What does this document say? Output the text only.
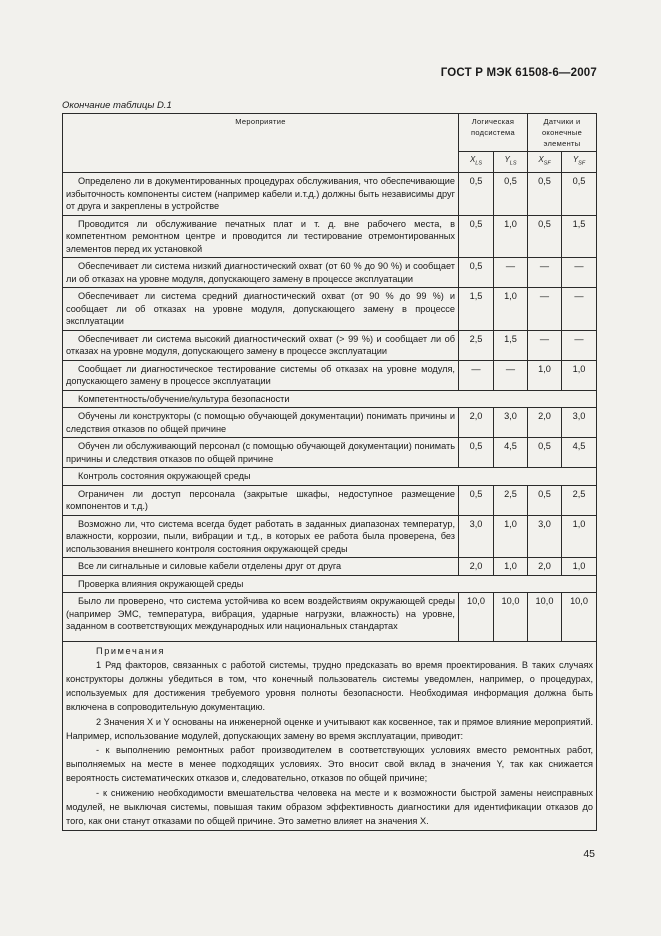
ГОСТ Р МЭК 61508-6—2007
Окончание таблицы D.1
Мероприятие	Логическая подсистема		Датчики и оконечные элементы	
	$X_{LS}$	$Y_{LS}$	$X_{SF}$	$Y_{SF}$
Определено ли в документированных процедурах обслуживания, что обеспечивающие избыточность компоненты систем (например кабели и.т.д.) должны быть независимы друг от друга и закреплены в устройстве	0,5	0,5	0,5	0,5
Проводится ли обслуживание печатных плат и т. д. вне рабочего места, в компетентном ремонтном центре и проводится ли тестирование отремонтированных элементов перед их установкой	0,5	1,0	0,5	1,5
Обеспечивает ли система низкий диагностический охват (от 60 % до 90 %) и сообщает ли об отказах на уровне модуля, допускающего замену в процессе эксплуатации	0,5	—	—	—
Обеспечивает ли система средний диагностический охват (от 90 % до 99 %) и сообщает ли об отказах на уровне модуля, допускающего замену в процессе эксплуатации	1,5	1,0	—	—
Обеспечивает ли система высокий диагностический охват (> 99 %) и сообщает ли об отказах на уровне модуля, допускающего замену в процессе эксплуатации	2,5	1,5	—	—
Сообщает ли диагностическое тестирование системы об отказах на уровне модуля, допускающего замену в процессе эксплуатации	—	—	1,0	1,0
Компетентность/обучение/культура безопасности				
Обучены ли конструкторы (с помощью обучающей документации) понимать причины и следствия отказов по общей причине	2,0	3,0	2,0	3,0
Обучен ли обслуживающий персонал (с помощью обучающей документации) понимать причины и следствия отказов по общей причине	0,5	4,5	0,5	4,5
Контроль состояния окружающей среды				
Ограничен ли доступ персонала (закрытые шкафы, недоступное размещение компонентов и т.д.)	0,5	2,5	0,5	2,5
Возможно ли, что система всегда будет работать в заданных диапазонах температур, влажности, коррозии, пыли, вибрации и т.д., в которых ее работа была проверена, без использования внешнего контроля состояния окружающей среды	3,0	1,0	3,0	1,0
Все ли сигнальные и силовые кабели отделены друг от друга	2,0	1,0	2,0	1,0
Проверка влияния окружающей среды				
Было ли проверено, что система устойчива ко всем воздействиям окружающей среды (например ЭМС, температура, вибрация, ударные нагрузки, влажность) на уровне, заданном в соответствующих международных или национальных стандартах	10,0	10,0	10,0	10,0

Примечания
1 Ряд факторов, связанных с работой системы, трудно предсказать во время проектирования. В таких случаях конструкторы должны убедиться в том, что конечный пользователь системы уведомлен, например, о процедурах, используемых для достижения требуемого уровня полноты безопасности. Необходимая информация должна быть включена в сопроводительную документацию.
2 Значения X и Y основаны на инженерной оценке и учитывают как косвенное, так и прямое влияние мероприятий. Например, использование модулей, допускающих замену во время эксплуатации, приводит:
- к выполнению ремонтных работ производителем в соответствующих условиях вместо ремонтных работ, выполняемых на месте в менее подходящих условиях. Это вносит свой вклад в значения Y, так как снижается вероятность систематических отказов и, следовательно, отказов по общей причине;
- к снижению необходимости вмешательства человека на месте и к возможности быстрой замены неисправных модулей, не выключая системы, повышая таким образом эффективность диагностики для идентификации отказов до того, как они станут отказами по общей причине. Это заметно влияет на значения X.				
45
